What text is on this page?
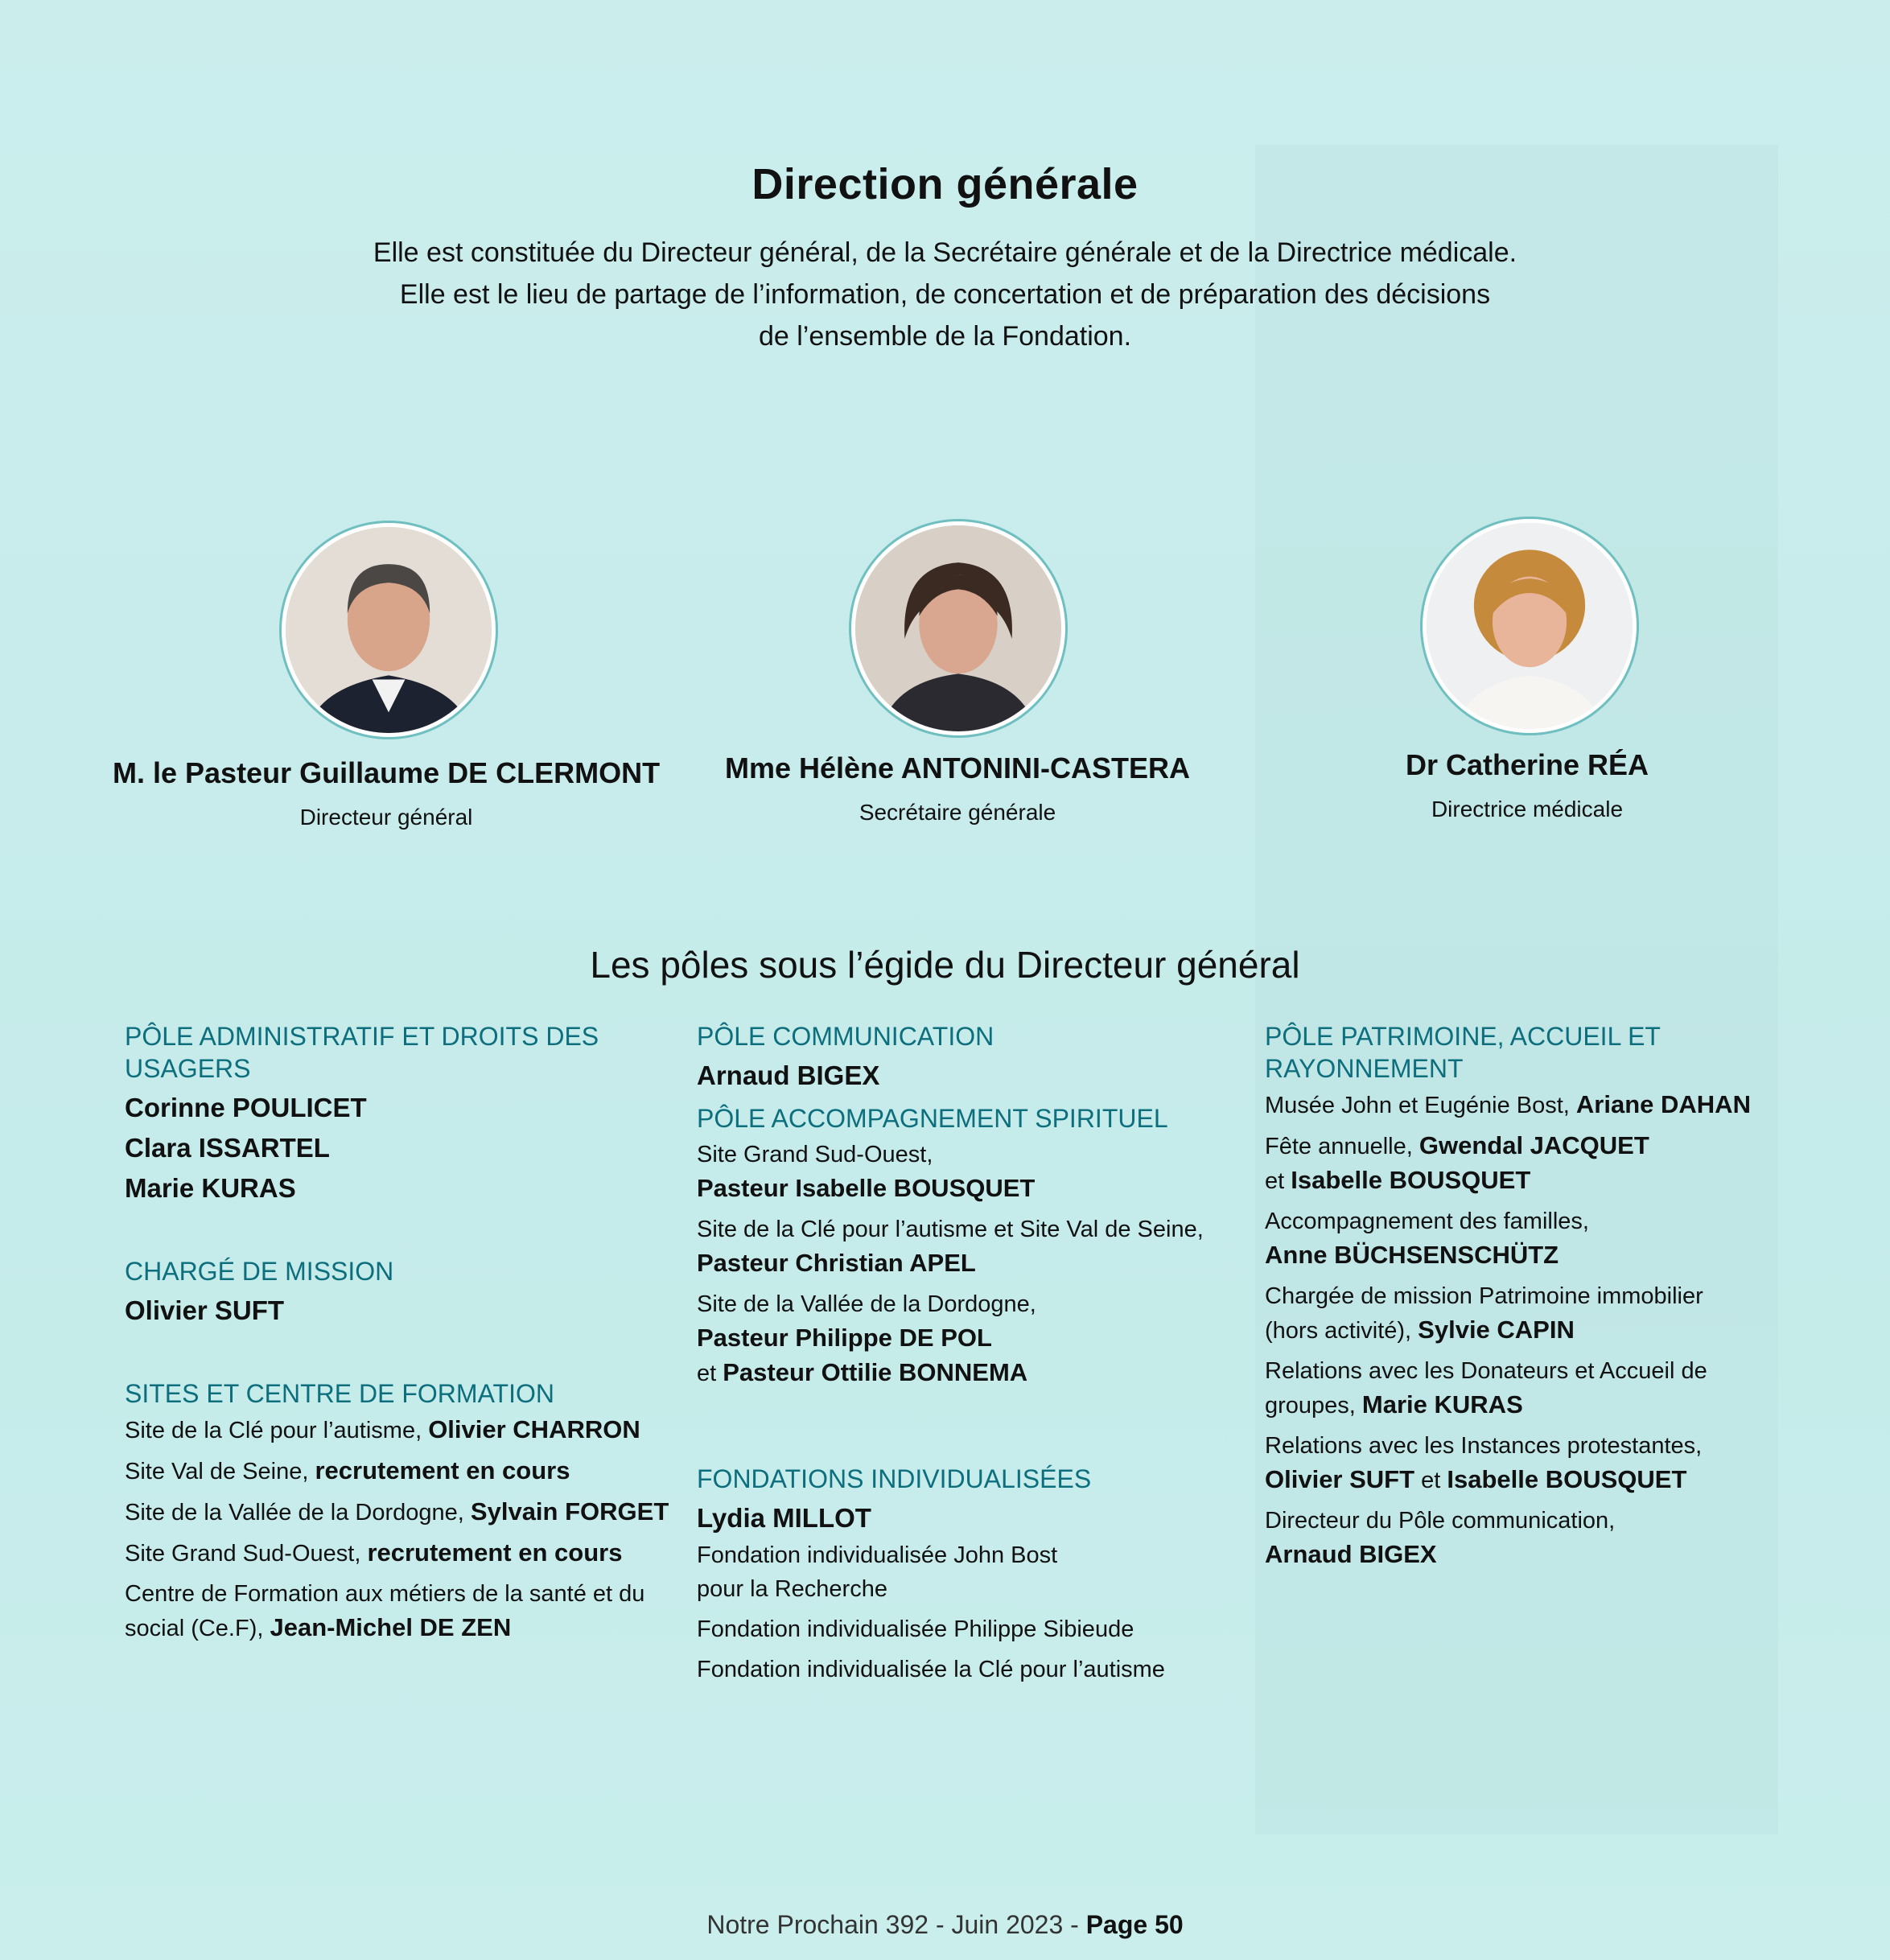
Direction générale
Elle est constituée du Directeur général, de la Secrétaire générale et de la Directrice médicale.
Elle est le lieu de partage de l’information, de concertation et de préparation des décisions
de l’ensemble de la Fondation.
M. le Pasteur Guillaume DE CLERMONT
Directeur général
Mme Hélène ANTONINI-CASTERA
Secrétaire générale
Dr Catherine RÉA
Directrice médicale
Les pôles sous l’égide du Directeur général
PÔLE ADMINISTRATIF ET DROITS DES USAGERS
Corinne POULICET
Clara ISSARTEL
Marie KURAS
CHARGÉ DE MISSION
Olivier SUFT
SITES ET CENTRE DE FORMATION
Site de la Clé pour l’autisme, Olivier CHARRON
Site Val de Seine, recrutement en cours
Site de la Vallée de la Dordogne, Sylvain FORGET
Site Grand Sud-Ouest, recrutement en cours
Centre de Formation aux métiers de la santé et du social (Ce.F), Jean-Michel DE ZEN
PÔLE COMMUNICATION
Arnaud BIGEX
PÔLE ACCOMPAGNEMENT SPIRITUEL
Site Grand Sud-Ouest,
Pasteur Isabelle BOUSQUET
Site de la Clé pour l’autisme et Site Val de Seine,
Pasteur Christian APEL
Site de la Vallée de la Dordogne,
Pasteur Philippe DE POL
et Pasteur Ottilie BONNEMA
FONDATIONS INDIVIDUALISÉES
Lydia MILLOT
Fondation individualisée John Bost pour la Recherche
Fondation individualisée Philippe Sibieude
Fondation individualisée la Clé pour l’autisme
PÔLE PATRIMOINE, ACCUEIL ET RAYONNEMENT
Musée John et Eugénie Bost, Ariane DAHAN
Fête annuelle, Gwendal JACQUET
et Isabelle BOUSQUET
Accompagnement des familles,
Anne BÜCHSENSCHÜTZ
Chargée de mission Patrimoine immobilier (hors activité), Sylvie CAPIN
Relations avec les Donateurs et Accueil de groupes, Marie KURAS
Relations avec les Instances protestantes, Olivier SUFT et Isabelle BOUSQUET
Directeur du Pôle communication,
Arnaud BIGEX
Notre Prochain 392 - Juin 2023 - Page 50
